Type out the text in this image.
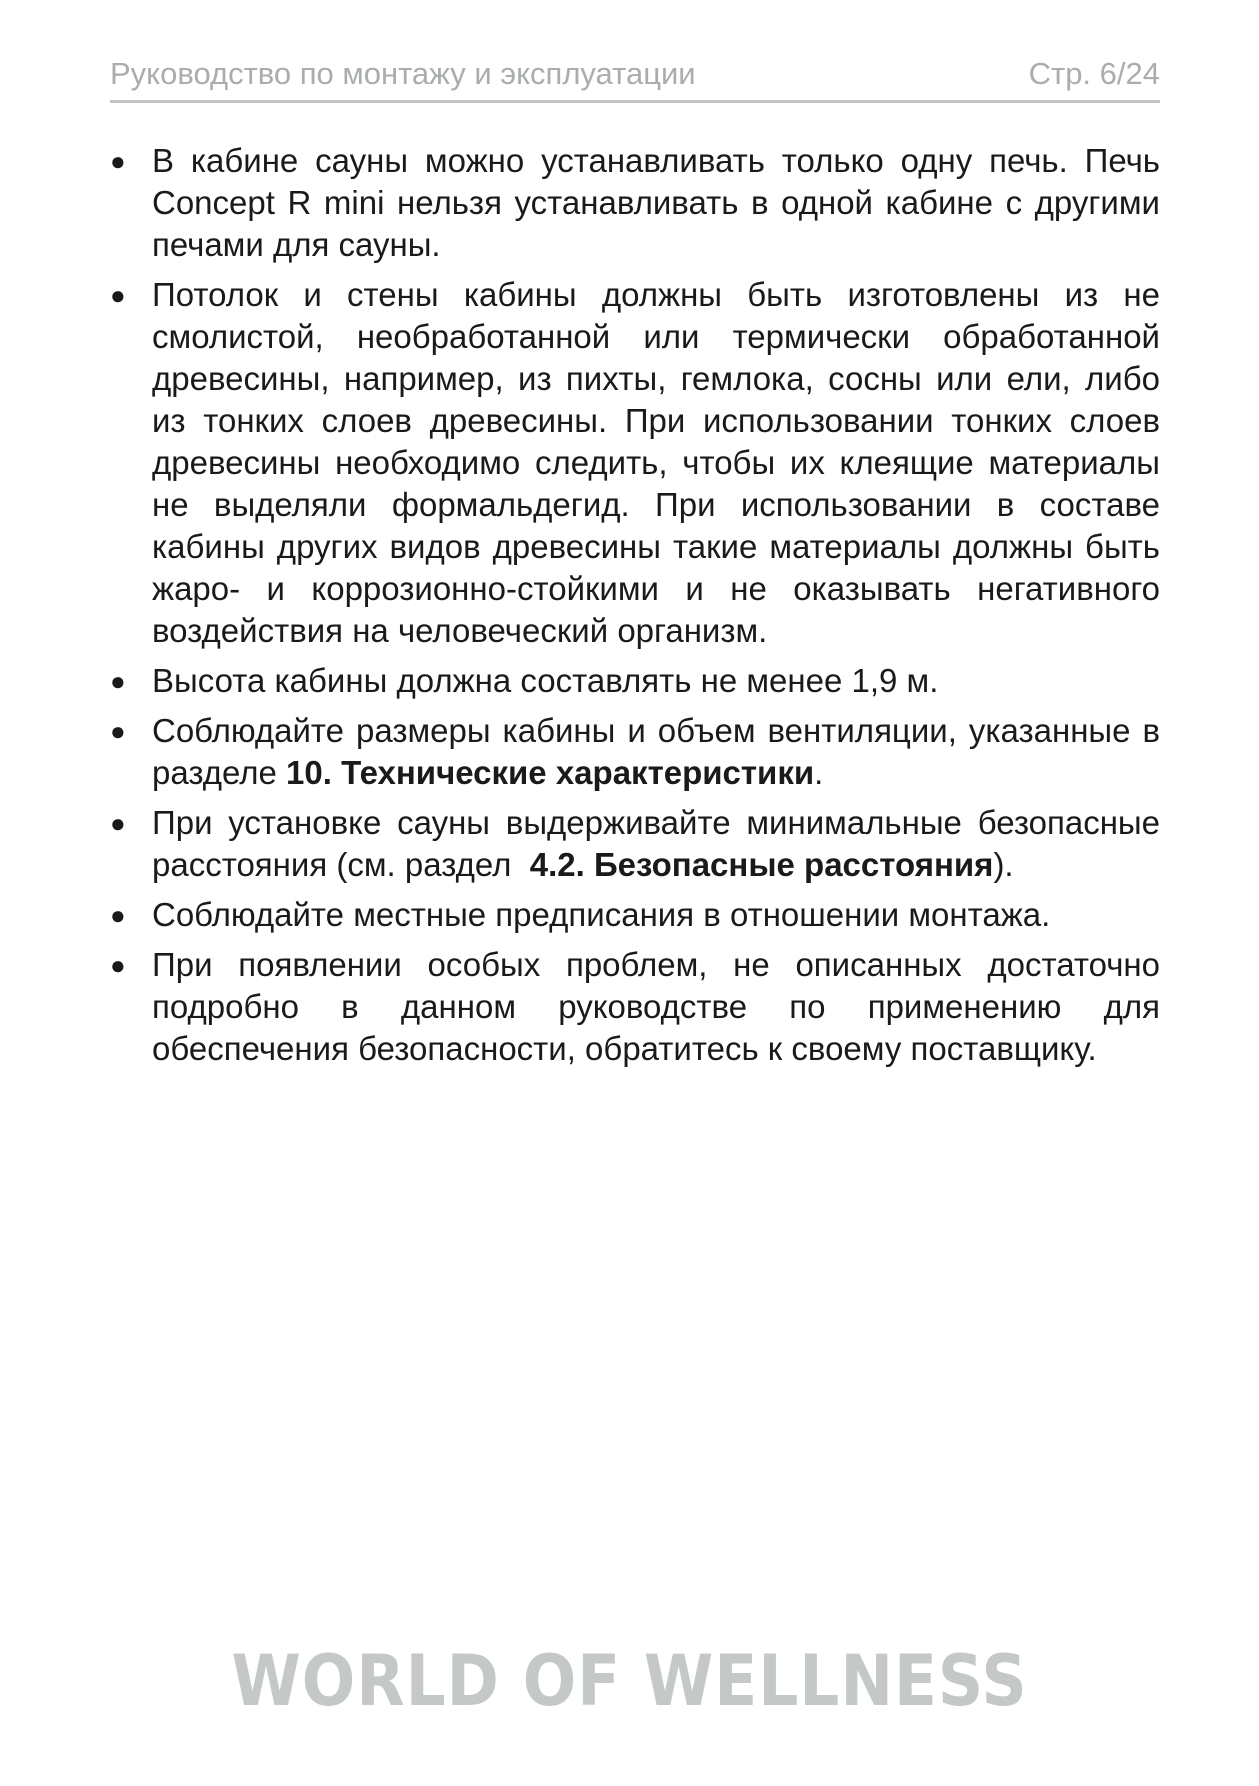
Руководство по монтажу и эксплуатации	Стр. 6/24
● В кабине сауны можно устанавливать только одну печь. Печь Concept R mini нельзя устанавливать в одной кабине с другими печами для сауны.
● Потолок и стены кабины должны быть изготовлены из не смолистой, необработанной или термически обработанной древесины, например, из пихты, гемлока, сосны или ели, либо из тонких слоев древесины. При использовании тонких слоев древесины необходимо следить, чтобы их клеящие материалы не выделяли формальдегид. При использовании в составе кабины других видов древесины такие материалы должны быть жаро- и коррозионно-стойкими и не оказывать негативного воздействия на человеческий организм.
● Высота кабины должна составлять не менее 1,9 м.
● Соблюдайте размеры кабины и объем вентиляции, указанные в разделе 10. Технические характеристики.
● При установке сауны выдерживайте минимальные безопасные расстояния (см. раздел  4.2. Безопасные расстояния).
● Соблюдайте местные предписания в отношении монтажа.
● При появлении особых проблем, не описанных достаточно подробно в данном руководстве по применению для обеспечения безопасности, обратитесь к своему поставщику.
WORLD OF WELLNESS
